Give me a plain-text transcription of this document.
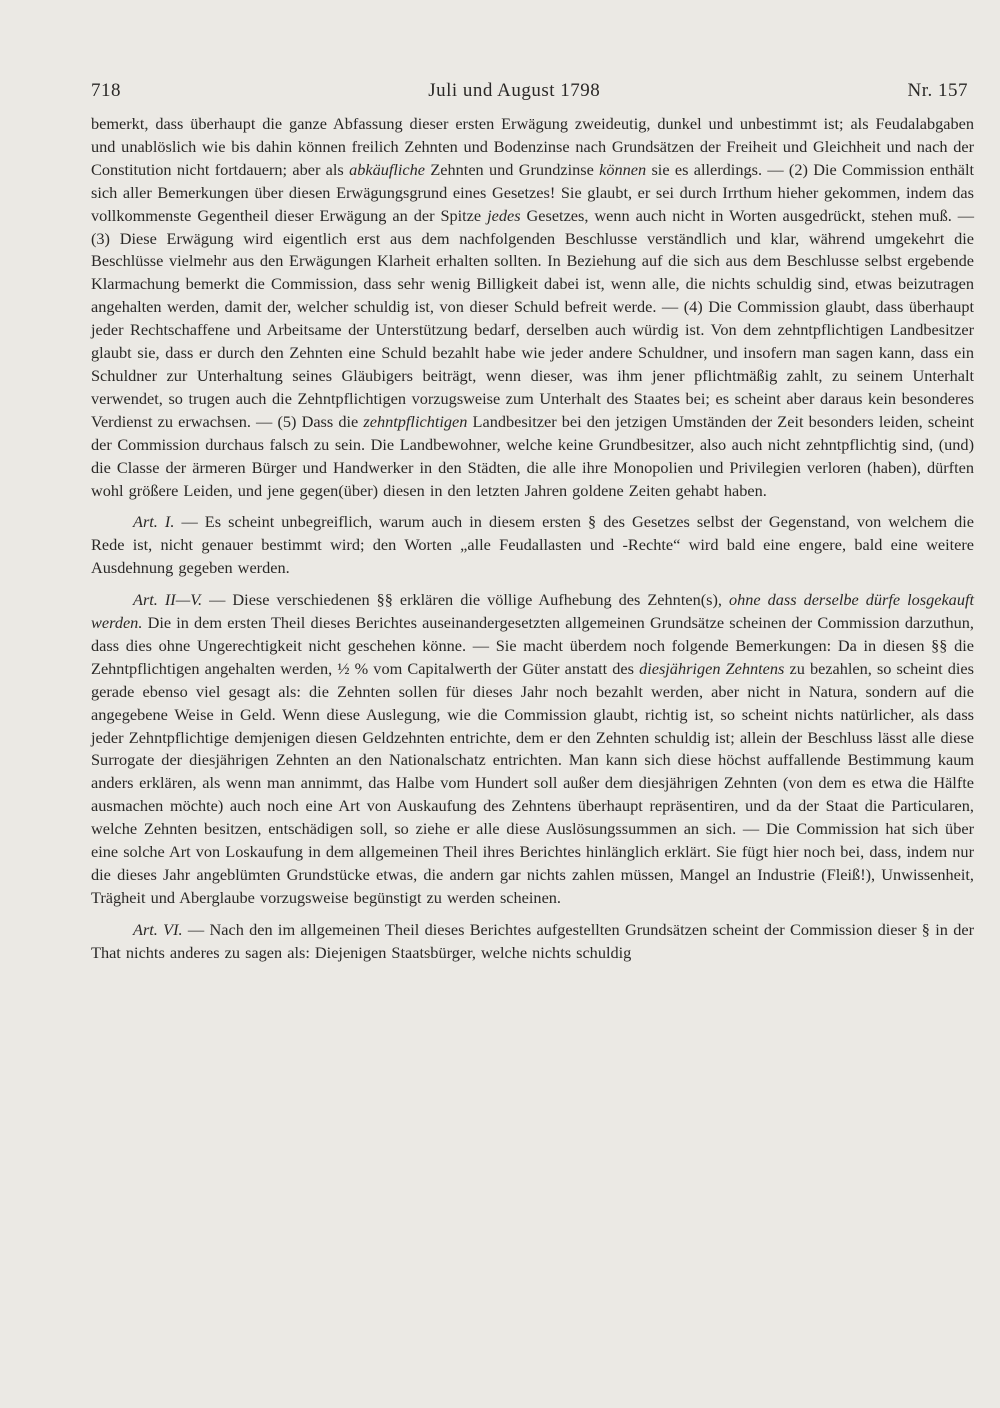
718	Juli und August 1798	Nr. 157

bemerkt, dass überhaupt die ganze Abfassung dieser ersten Erwägung zweideutig, dunkel und unbestimmt ist; als Feudalabgaben und unablöslich wie bis dahin können freilich Zehnten und Bodenzinse nach Grundsätzen der Freiheit und Gleichheit und nach der Constitution nicht fortdauern; aber als abkäufliche Zehnten und Grundzinse können sie es allerdings. — (2) Die Commission enthält sich aller Bemerkungen über diesen Erwägungsgrund eines Gesetzes! Sie glaubt, er sei durch Irrthum hieher gekommen, indem das vollkommenste Gegentheil dieser Erwägung an der Spitze jedes Gesetzes, wenn auch nicht in Worten ausgedrückt, stehen muß. — (3) Diese Erwägung wird eigentlich erst aus dem nachfolgenden Beschlusse verständlich und klar, während umgekehrt die Beschlüsse vielmehr aus den Erwägungen Klarheit erhalten sollten. In Beziehung auf die sich aus dem Beschlusse selbst ergebende Klarmachung bemerkt die Commission, dass sehr wenig Billigkeit dabei ist, wenn alle, die nichts schuldig sind, etwas beizutragen angehalten werden, damit der, welcher schuldig ist, von dieser Schuld befreit werde. — (4) Die Commission glaubt, dass überhaupt jeder Rechtschaffene und Arbeitsame der Unterstützung bedarf, derselben auch würdig ist. Von dem zehntpflichtigen Landbesitzer glaubt sie, dass er durch den Zehnten eine Schuld bezahlt habe wie jeder andere Schuldner, und insofern man sagen kann, dass ein Schuldner zur Unterhaltung seines Gläubigers beiträgt, wenn dieser, was ihm jener pflichtmäßig zahlt, zu seinem Unterhalt verwendet, so trugen auch die Zehntpflichtigen vorzugsweise zum Unterhalt des Staates bei; es scheint aber daraus kein besonderes Verdienst zu erwachsen. — (5) Dass die zehntpflichtigen Landbesitzer bei den jetzigen Umständen der Zeit besonders leiden, scheint der Commission durchaus falsch zu sein. Die Landbewohner, welche keine Grundbesitzer, also auch nicht zehntpflichtig sind, (und) die Classe der ärmeren Bürger und Handwerker in den Städten, die alle ihre Monopolien und Privilegien verloren (haben), dürften wohl größere Leiden, und jene gegen(über) diesen in den letzten Jahren goldene Zeiten gehabt haben.

Art. I. — Es scheint unbegreiflich, warum auch in diesem ersten § des Gesetzes selbst der Gegenstand, von welchem die Rede ist, nicht genauer bestimmt wird; den Worten „alle Feudallasten und -Rechte“ wird bald eine engere, bald eine weitere Ausdehnung gegeben werden.

Art. II—V. — Diese verschiedenen §§ erklären die völlige Aufhebung des Zehnten(s), ohne dass derselbe dürfe losgekauft werden. Die in dem ersten Theil dieses Berichtes auseinandergesetzten allgemeinen Grundsätze scheinen der Commission darzuthun, dass dies ohne Ungerechtigkeit nicht geschehen könne. — Sie macht überdem noch folgende Bemerkungen: Da in diesen §§ die Zehntpflichtigen angehalten werden, ½ % vom Capitalwerth der Güter anstatt des diesjährigen Zehntens zu bezahlen, so scheint dies gerade ebenso viel gesagt als: die Zehnten sollen für dieses Jahr noch bezahlt werden, aber nicht in Natura, sondern auf die angegebene Weise in Geld. Wenn diese Auslegung, wie die Commission glaubt, richtig ist, so scheint nichts natürlicher, als dass jeder Zehntpflichtige demjenigen diesen Geldzehnten entrichte, dem er den Zehnten schuldig ist; allein der Beschluss lässt alle diese Surrogate der diesjährigen Zehnten an den Nationalschatz entrichten. Man kann sich diese höchst auffallende Bestimmung kaum anders erklären, als wenn man annimmt, das Halbe vom Hundert soll außer dem diesjährigen Zehnten (von dem es etwa die Hälfte ausmachen möchte) auch noch eine Art von Auskaufung des Zehntens überhaupt repräsentiren, und da der Staat die Particularen, welche Zehnten besitzen, entschädigen soll, so ziehe er alle diese Auslösungssummen an sich. — Die Commission hat sich über eine solche Art von Loskaufung in dem allgemeinen Theil ihres Berichtes hinlänglich erklärt. Sie fügt hier noch bei, dass, indem nur die dieses Jahr angeblümten Grundstücke etwas, die andern gar nichts zahlen müssen, Mangel an Industrie (Fleiß!), Unwissenheit, Trägheit und Aberglaube vorzugsweise begünstigt zu werden scheinen.

Art. VI. — Nach den im allgemeinen Theil dieses Berichtes aufgestellten Grundsätzen scheint der Commission dieser § in der That nichts anderes zu sagen als: Diejenigen Staatsbürger, welche nichts schuldig
